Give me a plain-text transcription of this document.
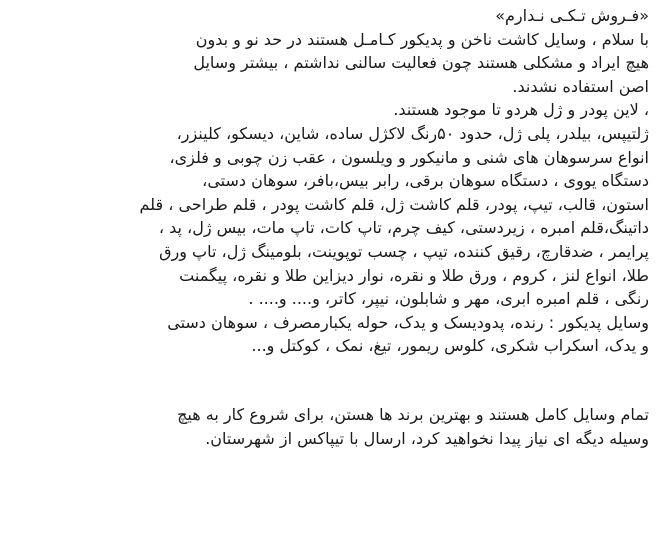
«فـروش تـکـی نـدارم»
با سلام ، وسایل کاشت ناخن و پدیکور کـامـل هستند در حد نو و بدون
هیچ ایراد و مشکلی هستند چون فعالیت سالنی نداشتم ، بیشتر وسایل
اصن استفاده نشدند.
، لاین پودر و ژل هردو تا موجود هستند.
ژلتیپس، بیلدر، پلی ژل، حدود ۵۰رنگ لاکژل ساده، شاین، دیسکو، کلینزر،
انواع سرسوهان های شنی و مانیکور و ویلسون ، عقب زن چوبی و فلزی،
دستگاه یووی ، دستگاه سوهان برقی، رابر بیس،بافر، سوهان دستی،
استون، قالب، تیپ، پودر، قلم کاشت ژل، قلم کاشت پودر ، قلم طراحی ، قلم
داتینگ،قلم امبره ، زیردستی، کیف چرم، تاپ کات، تاپ مات، بیس ژل، پد ،
پرایمر ، ضدقارچ، رقیق کننده، تیپ ، چسب توپوینت، بلومینگ ژل، تاپ ورق
طلا، انواع لنز ، کروم ، ورق طلا و نقره، نوار دیزاین طلا و نقره، پیگمنت
رنگی ، قلم امبره ابری، مهر و شابلون، نیپر، کاتر، و.... و.... .
وسایل پدیکور : رنده، پدودیسک و یدک، حوله یکبارمصرف ، سوهان دستی
و یدک، اسکراب شکری، کلوس ریمور، تیغ، نمک ، کوکتل و...
تمام وسایل کامل هستند و بهترین برند ها هستن، برای شروع کار به هیچ
وسیله دیگه ای نیاز پیدا نخواهید کرد، ارسال با تیپاکس از شهرستان.
